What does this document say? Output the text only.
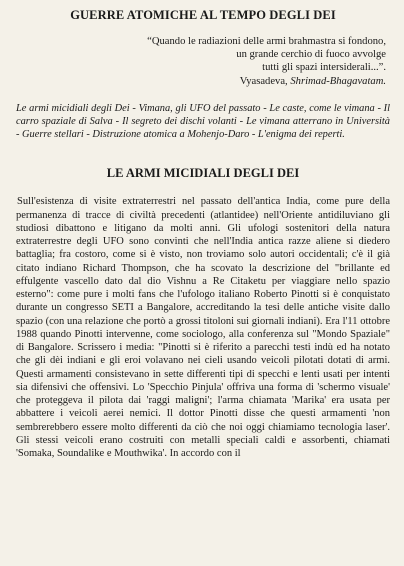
GUERRE ATOMICHE AL TEMPO DEGLI DEI
“Quando le radiazioni delle armi brahmastra si fondono,
un grande cerchio di fuoco avvolge
tutti gli spazi intersiderali...”.
Vyasadeva, Shrimad-Bhagavatam.

Le armi micidiali degli Dei - Vimana, gli UFO del passato - Le caste, come le vimana - Il carro spaziale di Salva - Il segreto dei dischi volanti - Le vimana atterrano in Università - Guerre stellari - Distruzione atomica a Mohenjo-Daro - L'enigma dei reperti.

LE ARMI MICIDIALI DEGLI DEI

Sull'esistenza di visite extraterrestri nel passato dell'antica India, come pure della permanenza di tracce di civiltà precedenti (atlantidee) nell'Oriente antidiluviano gli studiosi dibattono e litigano da molti anni. Gli ufologi sostenitori della natura extraterrestre degli UFO sono convinti che nell'India antica razze aliene si diedero battaglia; fra costoro, come si è visto, non troviamo solo autori occidentali; c'è il già citato indiano Richard Thompson, che ha scovato la descrizione del "brillante ed effulgente vascello dato dal dio Vishnu a Re Citaketu per viaggiare nello spazio esterno": come pure i molti fans che l'ufologo italiano Roberto Pinotti si è conquistato durante un congresso SETI a Bangalore, accreditando la tesi delle antiche visite dallo spazio (con una relazione che portò a grossi titoloni sui giornali indiani). Era l'11 ottobre 1988 quando Pinotti intervenne, come sociologo, alla conferenza sul "Mondo Spaziale" di Bangalore. Scrissero i media: "Pinotti si è riferito a parecchi testi indù ed ha notato che gli dèi indiani e gli eroi volavano nei cieli usando veicoli pilotati dotati di armi. Questi armamenti consistevano in sette differenti tipi di specchi e lenti usati per intenti sia difensivi che offensivi. Lo 'Specchio Pinjula' offriva una forma di 'schermo visuale' che proteggeva il pilota dai 'raggi maligni'; l'arma chiamata 'Marika' era usata per abbattere i veicoli aerei nemici. Il dottor Pinotti disse che questi armamenti 'non sembrerebbero essere molto differenti da ciò che noi oggi chiamiamo tecnologia laser'. Gli stessi veicoli erano costruiti con metalli speciali caldi e assorbenti, chiamati 'Somaka, Soundalike e Mouthwika'. In accordo con il
